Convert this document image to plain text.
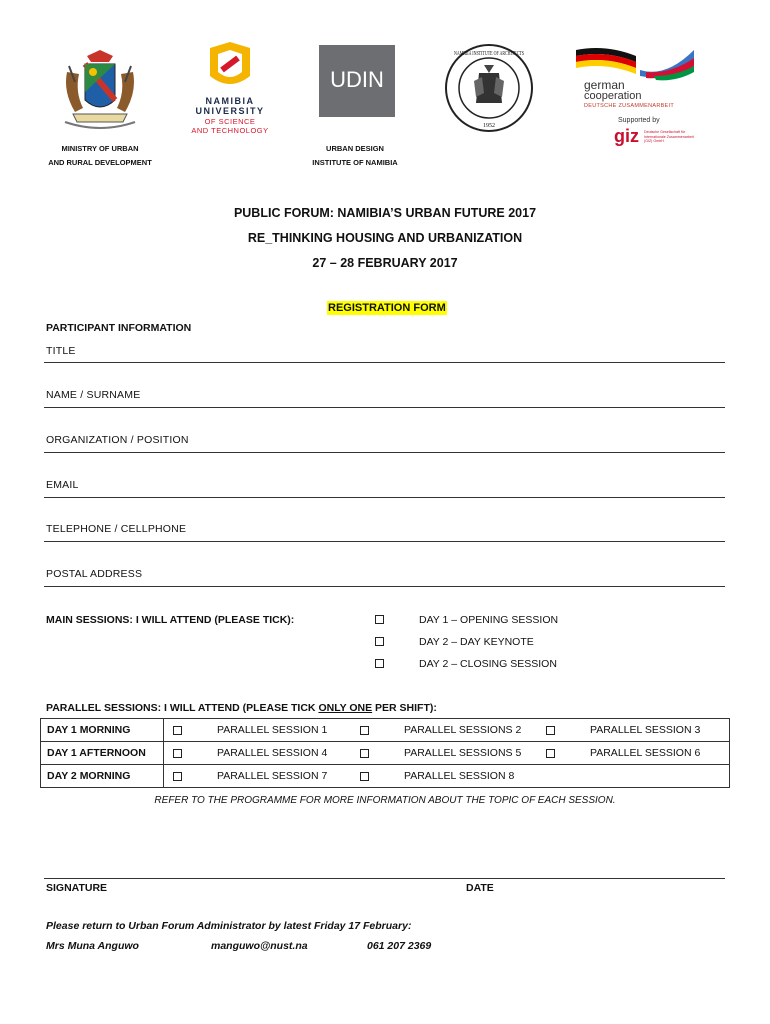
NAMIBIA
UNIVERSITY
OF SCIENCE
AND TECHNOLOGY
UDIN
NAMIBIA INSTITUTE OF ARCHITECTS
1952
german
cooperation
DEUTSCHE ZUSAMMENARBEIT
Supported by
giz Deutsche Gesellschaft für Internationale Zusammenarbeit (GIZ) GmbH
MINISTRY OF URBAN
AND RURAL DEVELOPMENT
URBAN DESIGN
INSTITUTE OF NAMIBIA
PUBLIC FORUM: NAMIBIA’S URBAN FUTURE 2017
RE_THINKING HOUSING AND URBANIZATION
27 – 28 FEBRUARY 2017
REGISTRATION FORM
PARTICIPANT INFORMATION
TITLE
NAME / SURNAME
ORGANIZATION / POSITION
EMAIL
TELEPHONE / CELLPHONE
POSTAL ADDRESS
MAIN SESSIONS: I WILL ATTEND (PLEASE TICK):	DAY 1 – OPENING SESSION
DAY 2 – DAY KEYNOTE
DAY 2 – CLOSING SESSION
PARALLEL SESSIONS: I WILL ATTEND (PLEASE TICK ONLY ONE PER SHIFT):
DAY 1 MORNING	PARALLEL SESSION 1 PARALLEL SESSIONS 2 PARALLEL SESSION 3

DAY 1 AFTERNOON	PARALLEL SESSION 4 PARALLEL SESSIONS 5 PARALLEL SESSION 6

DAY 2 MORNING	PARALLEL SESSION 7 PARALLEL SESSION 8
REFER TO THE PROGRAMME FOR MORE INFORMATION ABOUT THE TOPIC OF EACH SESSION.
SIGNATURE	DATE
Please return to Urban Forum Administrator by latest Friday 17 February:
Mrs Muna Anguwo	manguwo@nust.na	061 207 2369
